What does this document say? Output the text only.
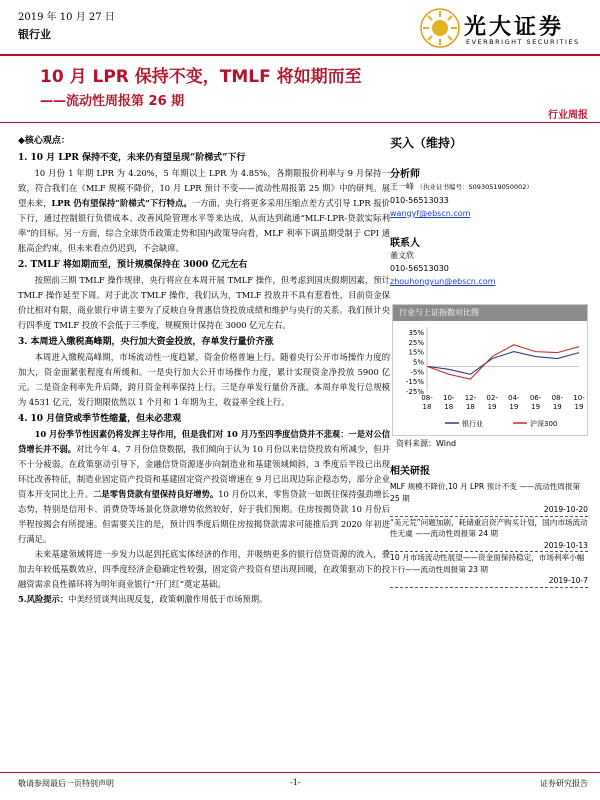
2019 年 10 月 27 日
银行业	光大证券
EVERBRIGHT SECURITIES
10 月 LPR 保持不变，TMLF 将如期而至
——流动性周报第 26 期
行业周报
◆核心观点：
1. 10 月 LPR 保持不变，未来仍有望呈现“阶梯式”下行
10 月份 1 年期 LPR 为 4.20%，5 年期以上 LPR 为 4.85%，各期限报价利率与 9 月保持一致，符合我们在《MLF 规模不降价，10 月 LPR 预计不变——流动性周报第 25 期》中的研判。展望未来，LPR 仍有望保持“阶梯式”下行特点。一方面，央行将更多采用压缩点差方式引导 LPR 报价下行，通过控制银行负债成本、改善风险管理水平等来达成，从而达到疏通“MLF-LPR-贷款实际利率”的目标。另一方面，综合全球货币政策走势和国内政策导向看，MLF 利率下调虽期受制于 CPI 通胀高企约束，但未来看点仍迟到，不会缺席。
2. TMLF 将如期而至，预计规模保持在 3000 亿元左右
按照前三期 TMLF 操作规律，央行将应在本周开展 TMLF 操作，但考虑到国庆假期因素，预计 TMLF 操作延至下周。对于此次 TMLF 操作，我们认为，TMLF 投放并不具有惹看性，目前资金保价比相对有限，商业银行申请主要为了反映自身普惠信贷投放成绩和维护与央行的关系。我们预计央行四季度 TMLF 投放不会低于三季度，规模预计保持在 3000 亿元左右。
3. 本周进入缴税高峰期，央行加大资金投放，存单发行量价齐涨
本周进入缴税高峰期，市场流动性一度趋紧，资金价格普遍上行。随着央行公开市场操作力度的加大，资金面紧张程度有所缓和。一是央行加大公开市场操作力度，累计实现资金净投放 5900 亿元。二是资金利率先升后降，跨月资金利率保持上行。三是存单发行量价齐涨。本周存单发行总规模为 4531 亿元，发行期限依然以 1 个月和 1 年期为主，收益率全线上行。
4. 10 月信贷或季节性缩量，但未必悲观
10 月份季节性因素仍将发挥主导作用，但是我们对 10 月乃至四季度信贷并不悲观：一是对公信贷增长并不弱。对比今年 4、7 月份信贷数据，我们倾向于认为 10 月份以来信贷投放有所减少，但并不十分疲弱。在政策驱动引导下，金融信贷资源逐步向制造业和基建领域倾斜，3 季度后半段已出现环比改善特征，制造业固定资产投资和基建固定资产投资增速在 9 月已出现边际企稳态势，部分企业资本开支同比上升。二是零售贷款有望保持良好增势。10 月份以来，零售贷款一如既往保持强劲增长态势，特别是信用卡、消费贷等场景化贷款增势依然较好，好于我们预期。住房按揭贷款 10 月份后半程按揭会有所提速。但需要关注的是，预计四季度后期住房按揭贷款需求可能推后到 2020 年初进行满足。
未来基建领域将进一步发力以起到托底实体经济的作用，并吸纳更多的银行信贷资源的流入，叠加去年较低基数效应，四季度经济企稳确定性较强，固定资产投资有望出现回暖，在政策驱动下的投融资需求良性循环将为明年商业银行“开门红”奠定基础。
5.风险提示：中美经贸谈判出现反复，政策刺激作用低于市场预期。
买入（维持）
分析师
王一峰 （执业证书编号：S0930519050002）
010-56513033
wangyf@ebscn.com
联系人
董文欣
010-56513030
zhouhongyun@ebscn.com
行业与上证指数对比图
-25%
-15%
-5%
5%
15%
25%
35%
08-
18
10-
18
12-
18
02-
19
04-
19
06-
19
08-
19
10-
19
银行业	沪深300
资料来源：Wind
相关研报
MLF 规模不降价,10 月 LPR 预计不变 ——流动性周报第 25 期
2019-10-20
“美元荒”问题加剧，耗储重启资产购买计划，国内市场流动性无虞 ——流动性周报第 24 期
2019-10-13
10 月市场流动性展望——资金面保持稳定，市场利率小幅下行——流动性周报第 23 期
2019-10-7
敬请参阅最后一页特别声明	-1-	证券研究报告
